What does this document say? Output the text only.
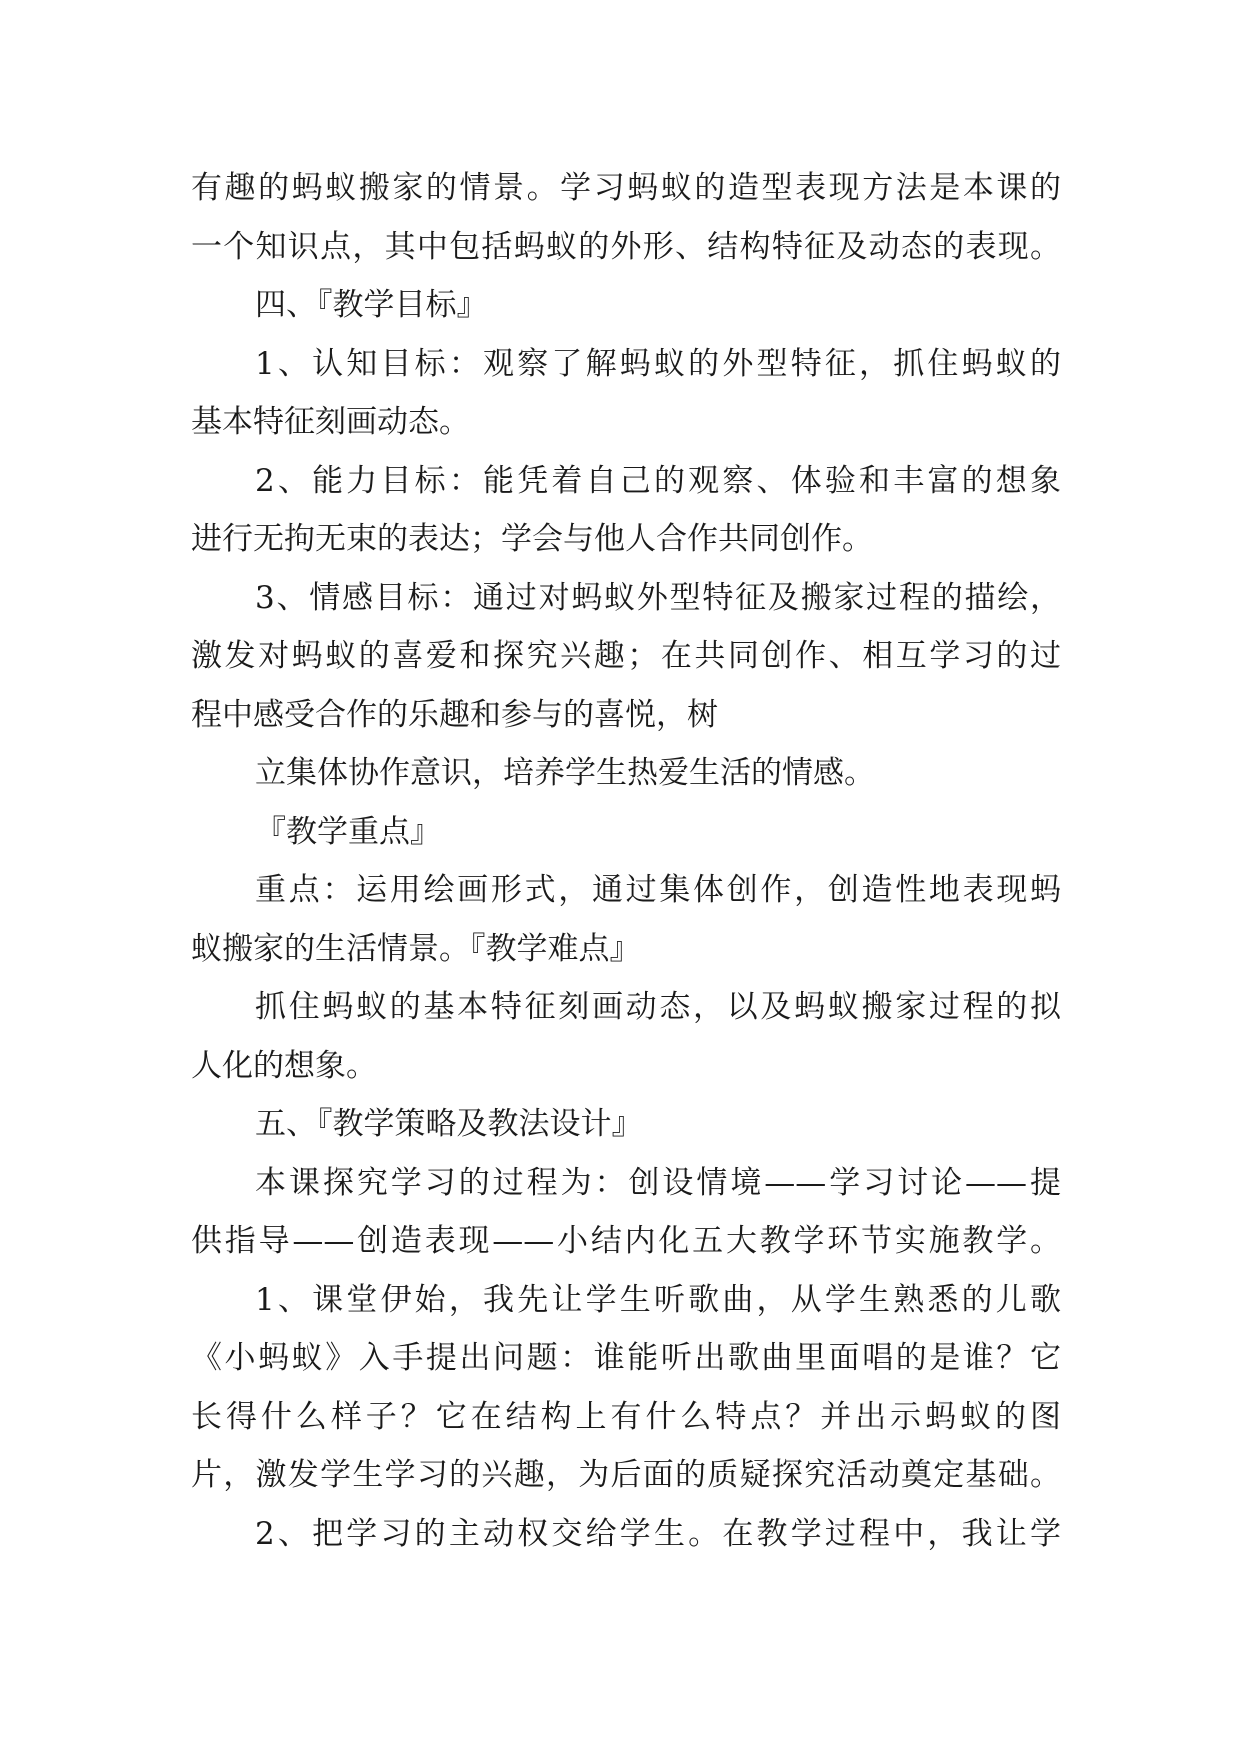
有趣的蚂蚁搬家的情景。学习蚂蚁的造型表现方法是本课的
一个知识点，其中包括蚂蚁的外形、结构特征及动态的表现。
四、『教学目标』
1、认知目标：观察了解蚂蚁的外型特征，抓住蚂蚁的
基本特征刻画动态。
2、能力目标：能凭着自己的观察、体验和丰富的想象
进行无拘无束的表达；学会与他人合作共同创作。
3、情感目标：通过对蚂蚁外型特征及搬家过程的描绘，
激发对蚂蚁的喜爱和探究兴趣；在共同创作、相互学习的过
程中感受合作的乐趣和参与的喜悦，树
立集体协作意识，培养学生热爱生活的情感。
『教学重点』
重点：运用绘画形式，通过集体创作，创造性地表现蚂
蚁搬家的生活情景。『教学难点』
抓住蚂蚁的基本特征刻画动态，以及蚂蚁搬家过程的拟
人化的想象。
五、『教学策略及教法设计』
本课探究学习的过程为：创设情境——学习讨论——提
供指导——创造表现——小结内化五大教学环节实施教学。
1、课堂伊始，我先让学生听歌曲，从学生熟悉的儿歌
《小蚂蚁》入手提出问题：谁能听出歌曲里面唱的是谁？它
长得什么样子？它在结构上有什么特点？并出示蚂蚁的图
片，激发学生学习的兴趣，为后面的质疑探究活动奠定基础。
2、把学习的主动权交给学生。在教学过程中，我让学
